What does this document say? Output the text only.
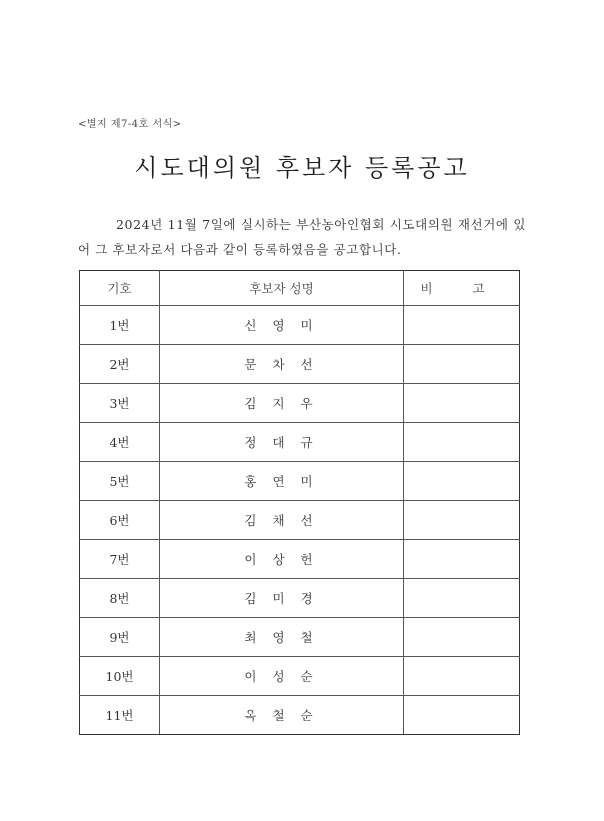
<별지 제7-4호 서식>
시도대의원 후보자 등록공고
2024년 11월 7일에 실시하는 부산농아인협회 시도대의원 재선거에 있어 그 후보자로서 다음과 같이 등록하였음을 공고합니다.
기호	후보자 성명	비 고
1번	신 영 미	
2번	문 차 선	
3번	김 지 우	
4번	정 대 규	
5번	홍 연 미	
6번	김 채 선	
7번	이 상 헌	
8번	김 미 경	
9번	최 영 철	
10번	이 성 순	
11번	옥 철 순	
